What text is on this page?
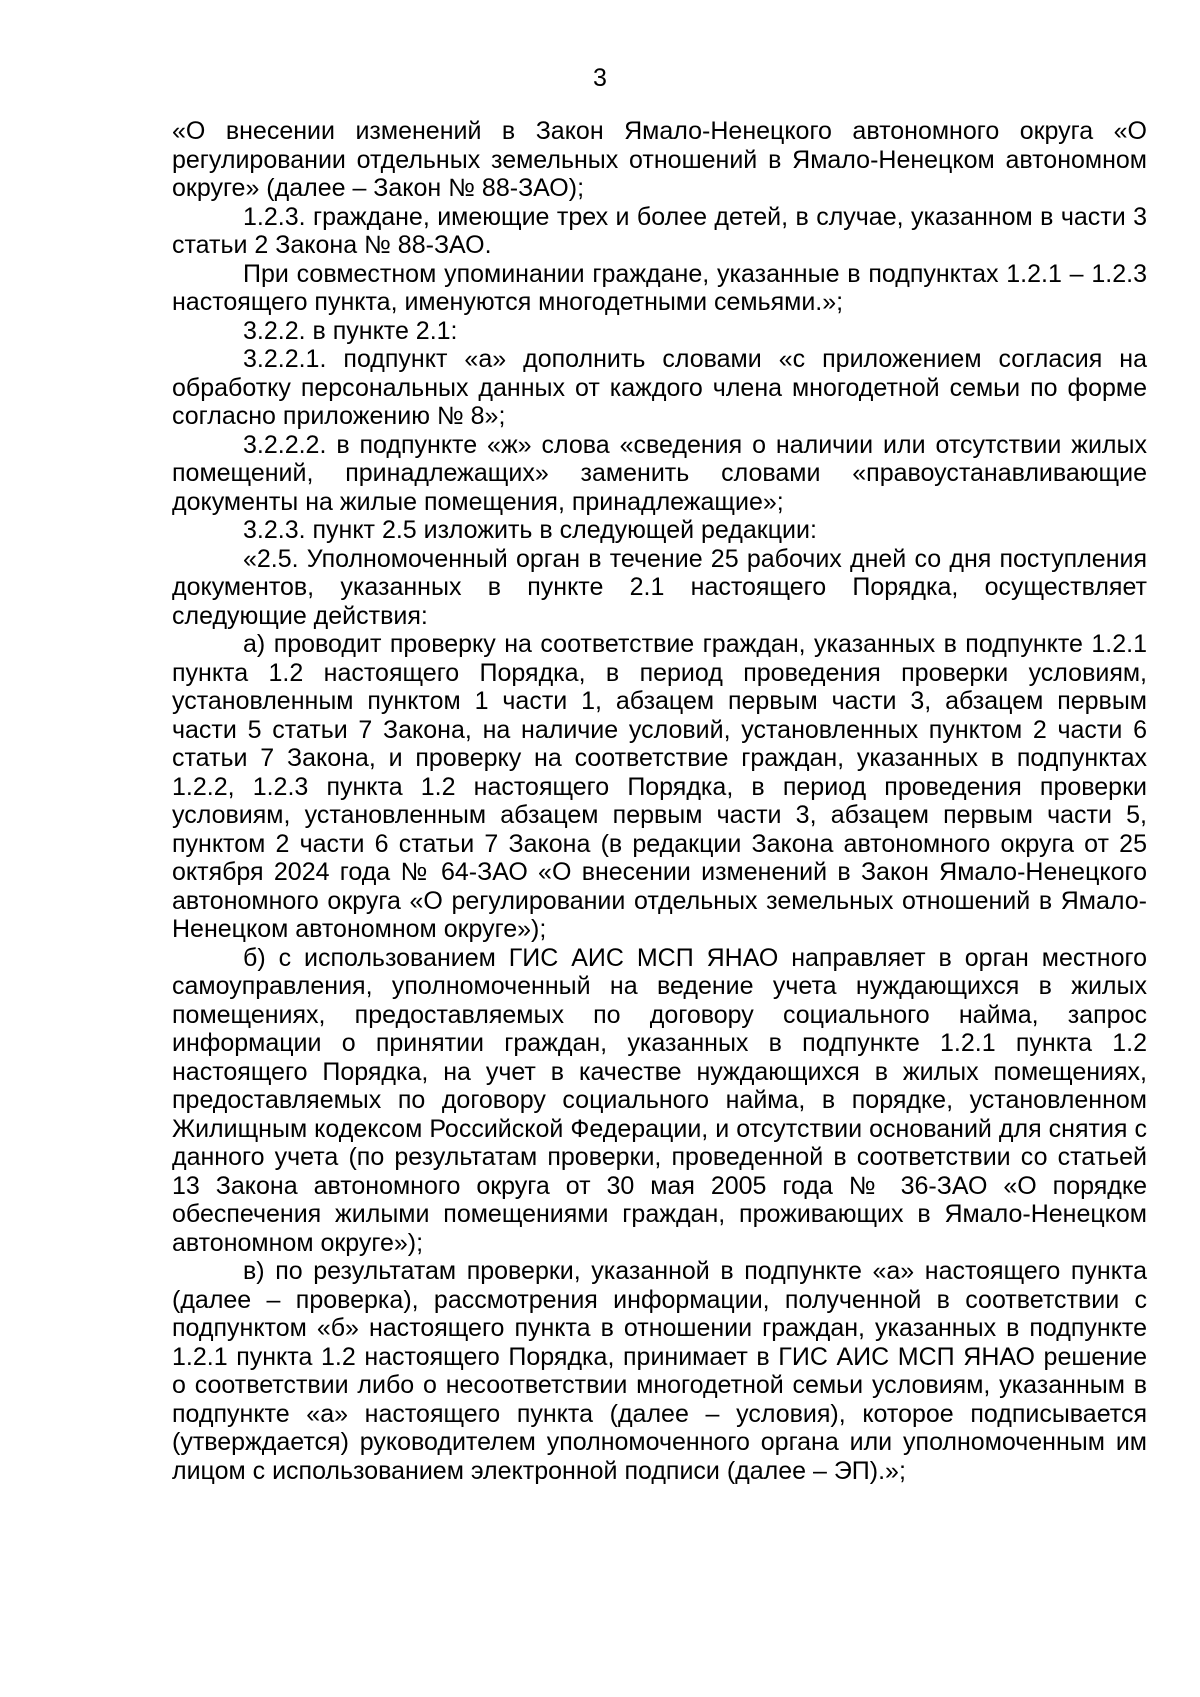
3

«О внесении изменений в Закон Ямало-Ненецкого автономного округа «О регулировании отдельных земельных отношений в Ямало-Ненецком автономном округе» (далее – Закон № 88-ЗАО);

1.2.3. граждане, имеющие трех и более детей, в случае, указанном в части 3 статьи 2 Закона № 88-ЗАО.

При совместном упоминании граждане, указанные в подпунктах 1.2.1 – 1.2.3 настоящего пункта, именуются многодетными семьями.»;

3.2.2. в пункте 2.1:

3.2.2.1. подпункт «а» дополнить словами «с приложением согласия на обработку персональных данных от каждого члена многодетной семьи по форме согласно приложению № 8»;

3.2.2.2. в подпункте «ж» слова «сведения о наличии или отсутствии жилых помещений, принадлежащих» заменить словами «правоустанавливающие документы на жилые помещения, принадлежащие»;

3.2.3. пункт 2.5 изложить в следующей редакции:

«2.5. Уполномоченный орган в течение 25 рабочих дней со дня поступления документов, указанных в пункте 2.1 настоящего Порядка, осуществляет следующие действия:

а) проводит проверку на соответствие граждан, указанных в подпункте 1.2.1 пункта 1.2 настоящего Порядка, в период проведения проверки условиям, установленным пунктом 1 части 1, абзацем первым части 3, абзацем первым части 5 статьи 7 Закона, на наличие условий, установленных пунктом 2 части 6 статьи 7 Закона, и проверку на соответствие граждан, указанных в подпунктах 1.2.2, 1.2.3 пункта 1.2 настоящего Порядка, в период проведения проверки условиям, установленным абзацем первым части 3, абзацем первым части 5, пунктом 2 части 6 статьи 7 Закона (в редакции Закона автономного округа от 25 октября 2024 года № 64-ЗАО «О внесении изменений в Закон Ямало-Ненецкого автономного округа «О регулировании отдельных земельных отношений в Ямало-Ненецком автономном округе»);

б) с использованием ГИС АИС МСП ЯНАО направляет в орган местного самоуправления, уполномоченный на ведение учета нуждающихся в жилых помещениях, предоставляемых по договору социального найма, запрос информации о принятии граждан, указанных в подпункте 1.2.1 пункта 1.2 настоящего Порядка, на учет в качестве нуждающихся в жилых помещениях, предоставляемых по договору социального найма, в порядке, установленном Жилищным кодексом Российской Федерации, и отсутствии оснований для снятия с данного учета (по результатам проверки, проведенной в соответствии со статьей 13 Закона автономного округа от 30 мая 2005 года № 36-ЗАО «О порядке обеспечения жилыми помещениями граждан, проживающих в Ямало-Ненецком автономном округе»);

в) по результатам проверки, указанной в подпункте «а» настоящего пункта (далее – проверка), рассмотрения информации, полученной в соответствии с подпунктом «б» настоящего пункта в отношении граждан, указанных в подпункте 1.2.1 пункта 1.2 настоящего Порядка, принимает в ГИС АИС МСП ЯНАО решение о соответствии либо о несоответствии многодетной семьи условиям, указанным в подпункте «а» настоящего пункта (далее – условия), которое подписывается (утверждается) руководителем уполномоченного органа или уполномоченным им лицом с использованием электронной подписи (далее – ЭП).»;
